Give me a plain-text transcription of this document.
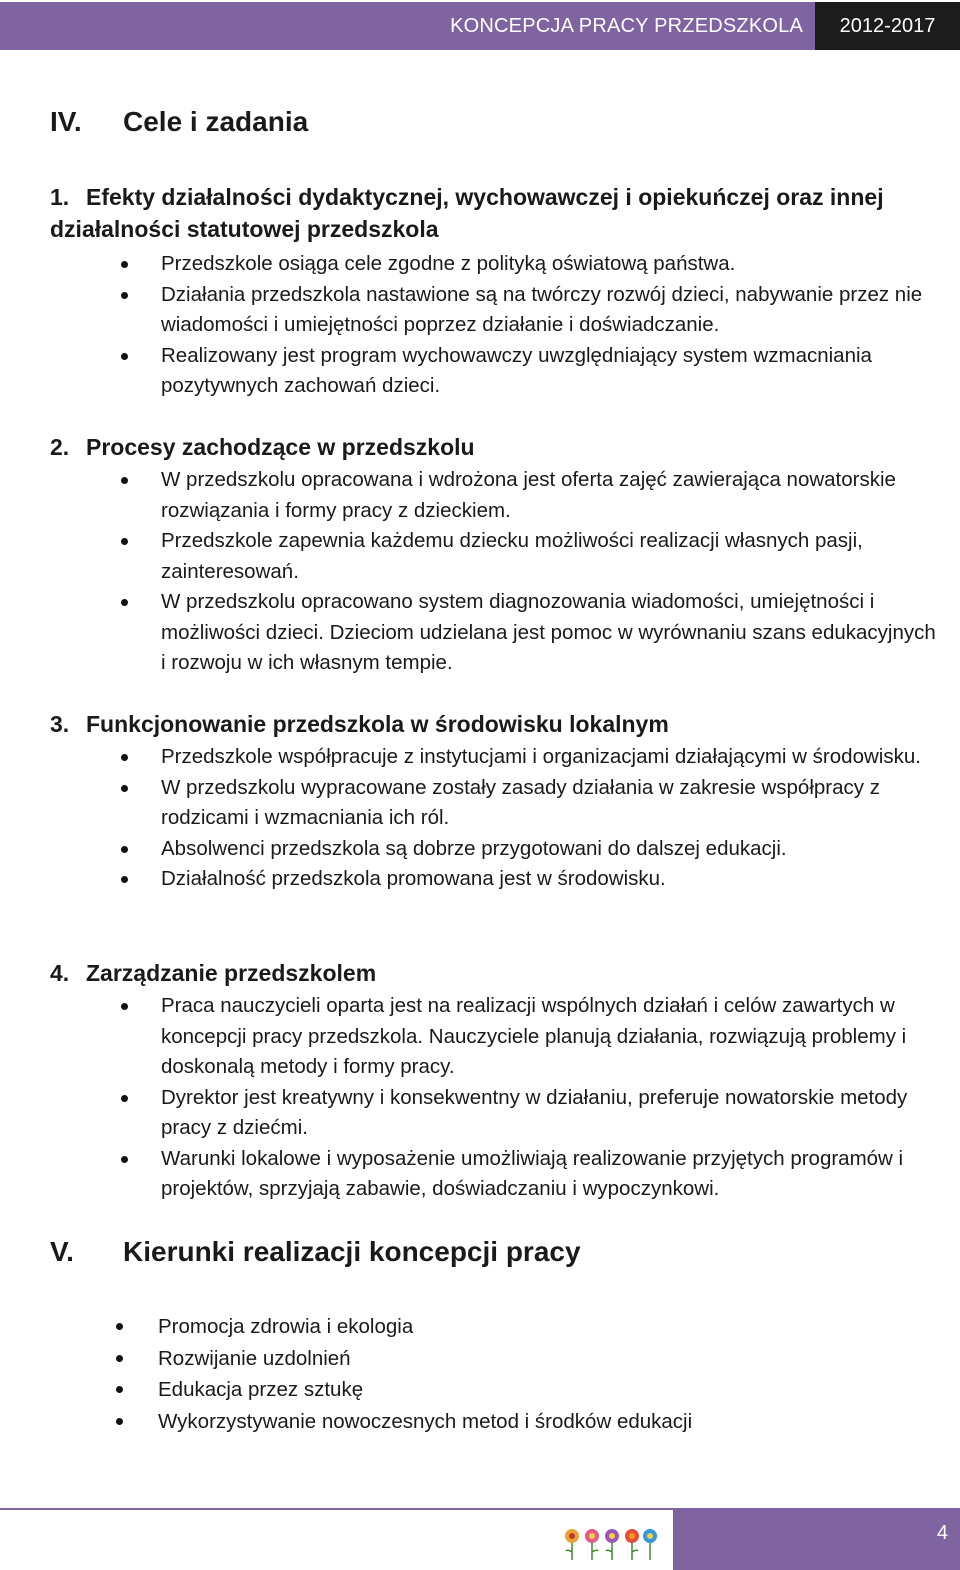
KONCEPCJA PRACY PRZEDSZKOLA	2012-2017
IV. Cele i zadania
1. Efekty działalności dydaktycznej, wychowawczej i opiekuńczej oraz innej działalności statutowej przedszkola
Przedszkole osiąga cele zgodne z polityką oświatową państwa.
Działania przedszkola nastawione są na twórczy rozwój dzieci, nabywanie przez nie wiadomości i umiejętności poprzez działanie i doświadczanie.
Realizowany jest program wychowawczy uwzględniający system wzmacniania pozytywnych zachowań dzieci.
2. Procesy zachodzące w przedszkolu
W przedszkolu opracowana i wdrożona jest oferta zajęć zawierająca nowatorskie rozwiązania i formy pracy z dzieckiem.
Przedszkole zapewnia każdemu dziecku możliwości realizacji własnych pasji, zainteresowań.
W przedszkolu opracowano system diagnozowania wiadomości, umiejętności i możliwości dzieci. Dzieciom udzielana jest pomoc w wyrównaniu szans edukacyjnych i rozwoju w ich własnym tempie.
3. Funkcjonowanie przedszkola w środowisku lokalnym
Przedszkole współpracuje z instytucjami i organizacjami działającymi w środowisku.
W przedszkolu wypracowane zostały zasady działania w zakresie współpracy z rodzicami i wzmacniania ich ról.
Absolwenci przedszkola są dobrze przygotowani do dalszej edukacji.
Działalność przedszkola promowana jest w środowisku.
4. Zarządzanie przedszkolem
Praca nauczycieli oparta jest na realizacji wspólnych działań i celów zawartych w koncepcji pracy przedszkola. Nauczyciele planują działania, rozwiązują problemy i doskonalą metody i formy pracy.
Dyrektor jest kreatywny i konsekwentny w działaniu, preferuje nowatorskie metody pracy z dziećmi.
Warunki lokalowe i wyposażenie umożliwiają realizowanie przyjętych programów i projektów, sprzyjają zabawie, doświadczaniu i wypoczynkowi.
V. Kierunki realizacji koncepcji pracy
Promocja zdrowia i ekologia
Rozwijanie uzdolnień
Edukacja przez sztukę
Wykorzystywanie nowoczesnych metod i środków edukacji
4
